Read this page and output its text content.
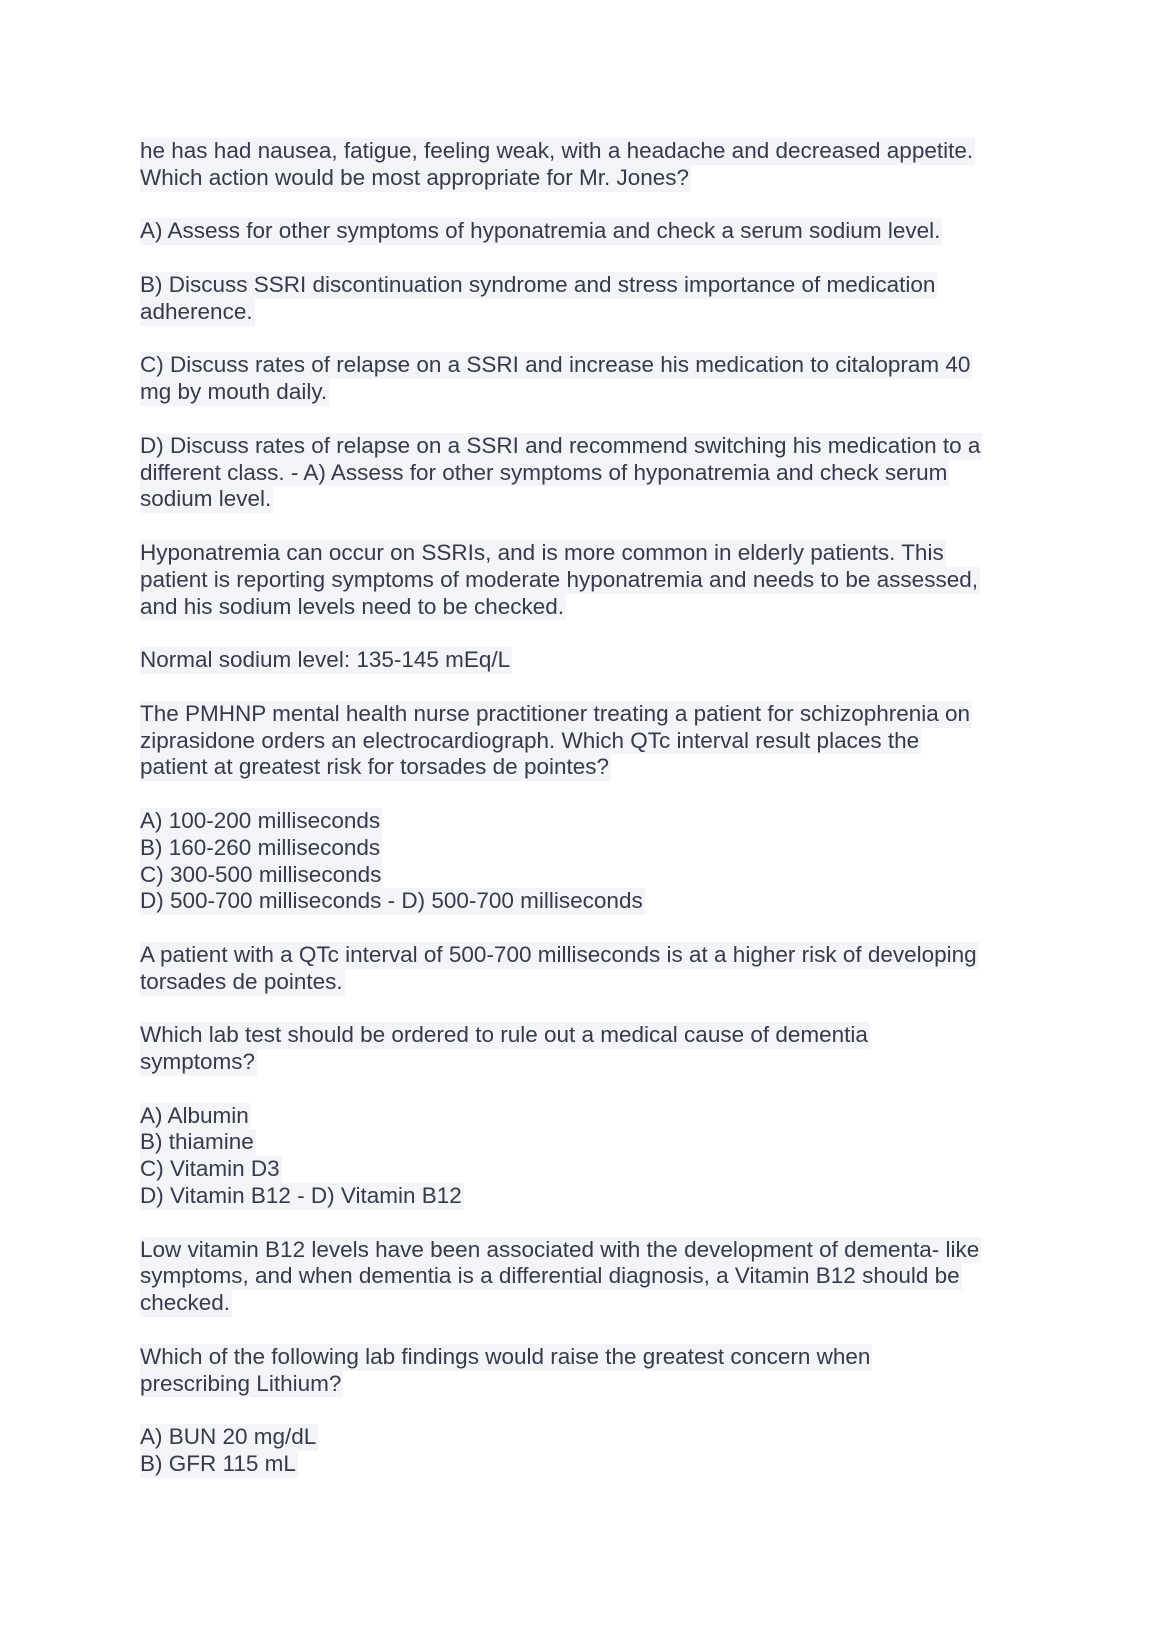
he has had nausea, fatigue, feeling weak, with a headache and decreased appetite.
Which action would be most appropriate for Mr. Jones?
A) Assess for other symptoms of hyponatremia and check a serum sodium level.
B) Discuss SSRI discontinuation syndrome and stress importance of medication
adherence.
C) Discuss rates of relapse on a SSRI and increase his medication to citalopram 40
mg by mouth daily.
D) Discuss rates of relapse on a SSRI and recommend switching his medication to a
different class. - A) Assess for other symptoms of hyponatremia and check serum
sodium level.
Hyponatremia can occur on SSRIs, and is more common in elderly patients. This
patient is reporting symptoms of moderate hyponatremia and needs to be assessed,
and his sodium levels need to be checked.
Normal sodium level: 135-145 mEq/L
The PMHNP mental health nurse practitioner treating a patient for schizophrenia on
ziprasidone orders an electrocardiograph. Which QTc interval result places the
patient at greatest risk for torsades de pointes?
A) 100-200 milliseconds
B) 160-260 milliseconds
C) 300-500 milliseconds
D) 500-700 milliseconds - D) 500-700 milliseconds
A patient with a QTc interval of 500-700 milliseconds is at a higher risk of developing
torsades de pointes.
Which lab test should be ordered to rule out a medical cause of dementia
symptoms?
A) Albumin
B) thiamine
C) Vitamin D3
D) Vitamin B12 - D) Vitamin B12
Low vitamin B12 levels have been associated with the development of dementa- like
symptoms, and when dementia is a differential diagnosis, a Vitamin B12 should be
checked.
Which of the following lab findings would raise the greatest concern when
prescribing Lithium?
A) BUN 20 mg/dL
B) GFR 115 mL
